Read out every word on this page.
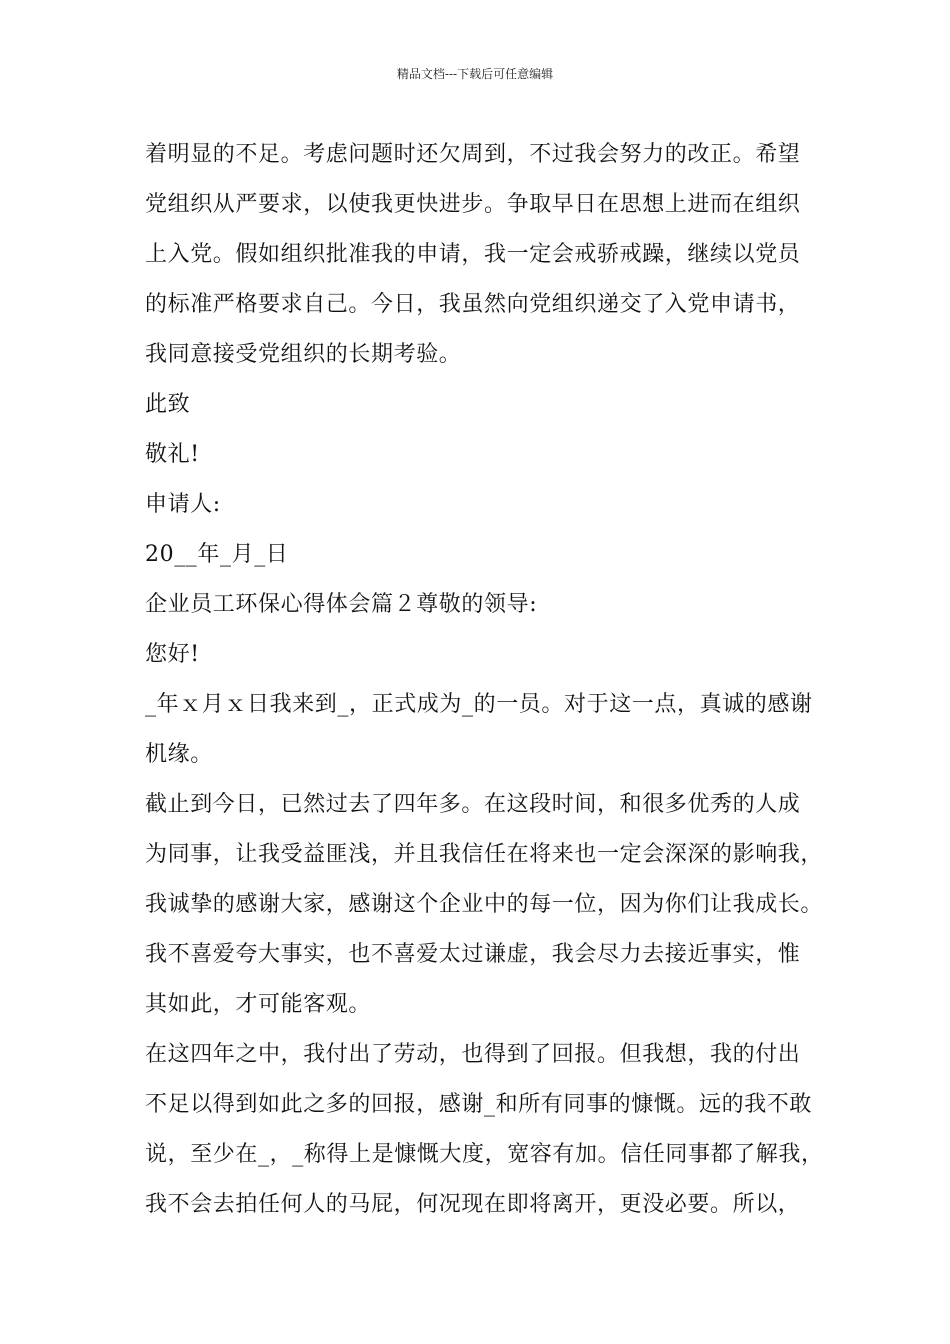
精品文档---下载后可任意编辑
着明显的不足。考虑问题时还欠周到，不过我会努力的改正。希望
党组织从严要求，以使我更快进步。争取早日在思想上进而在组织
上入党。假如组织批准我的申请，我一定会戒骄戒躁，继续以党员
的标准严格要求自己。今日，我虽然向党组织递交了入党申请书，
我同意接受党组织的长期考验。
此致
敬礼!
申请人:
20__年_月_日
企业员工环保心得体会篇２尊敬的领导:
您好!
_年ｘ月ｘ日我来到_，正式成为_的一员。对于这一点，真诚的感谢
机缘。
截止到今日，已然过去了四年多。在这段时间，和很多优秀的人成
为同事，让我受益匪浅，并且我信任在将来也一定会深深的影响我，
我诚挚的感谢大家，感谢这个企业中的每一位，因为你们让我成长。
我不喜爱夸大事实，也不喜爱太过谦虚，我会尽力去接近事实，惟
其如此，才可能客观。
在这四年之中，我付出了劳动，也得到了回报。但我想，我的付出
不足以得到如此之多的回报，感谢_和所有同事的慷慨。远的我不敢
说，至少在_，_称得上是慷慨大度，宽容有加。信任同事都了解我，
我不会去拍任何人的马屁，何况现在即将离开，更没必要。所以，
